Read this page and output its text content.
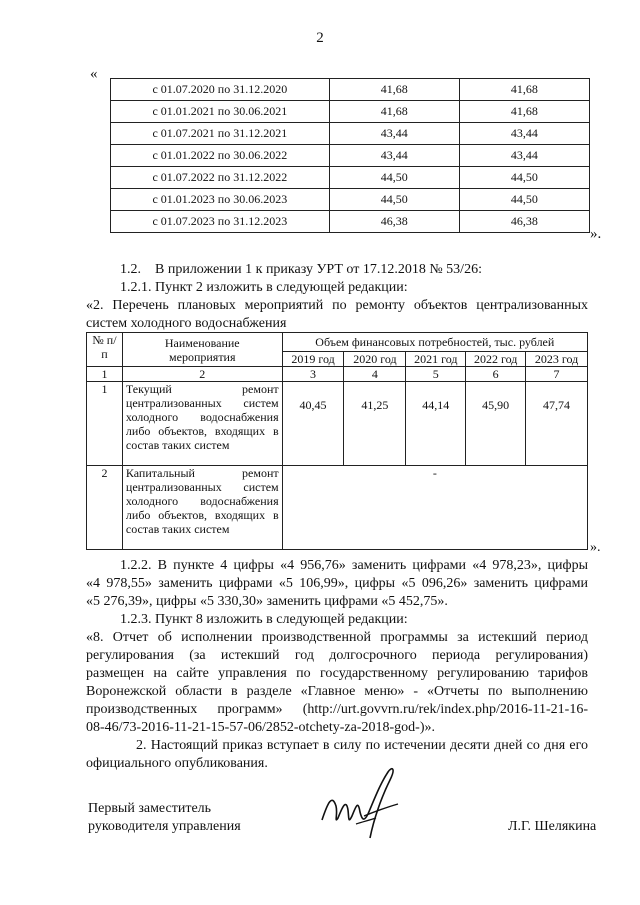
2
«
с 01.07.2020 по 31.12.2020	41,68	41,68
с 01.01.2021 по 30.06.2021	41,68	41,68
с 01.07.2021 по 31.12.2021	43,44	43,44
с 01.01.2022 по 30.06.2022	43,44	43,44
с 01.07.2022 по 31.12.2022	44,50	44,50
с 01.01.2023 по 30.06.2023	44,50	44,50
с 01.07.2023 по 31.12.2023	46,38	46,38
».
1.2.    В приложении 1 к приказу УРТ от 17.12.2018 № 53/26:
1.2.1. Пункт 2 изложить в следующей редакции:
«2. Перечень плановых мероприятий по ремонту объектов централизованных
систем холодного водоснабжения
№ п/п	Наименование мероприятия	Объем финансовых потребностей, тыс. рублей				
		2019 год	2020 год	2021 год	2022 год	2023 год
1	2	3	4	5	6	7
1	Текущий ремонт централизованных систем холодного водоснабжения либо объектов, входящих в состав таких систем	40,45	41,25	44,14	45,90	47,74
2	Капитальный ремонт централизованных систем холодного водоснабжения либо объектов, входящих в состав таких систем	-				
».
1.2.2. В пункте 4 цифры «4 956,76» заменить цифрами «4 978,23», цифры
«4 978,55» заменить цифрами «5 106,99», цифры «5 096,26» заменить цифрами
«5 276,39», цифры «5 330,30» заменить цифрами «5 452,75».
1.2.3. Пункт 8 изложить в следующей редакции:
«8. Отчет об исполнении производственной программы за истекший период
регулирования (за истекший год долгосрочного периода регулирования)
размещен на сайте управления по государственному регулированию тарифов
Воронежской области в разделе «Главное меню» - «Отчеты по выполнению
производственных программ» (http://urt.govvrn.ru/rek/index.php/2016-11-21-16-
08-46/73-2016-11-21-15-57-06/2852-otchety-za-2018-god-)».
2. Настоящий приказ вступает в силу по истечении десяти дней со дня его
официального опубликования.
Первый заместитель
руководителя управления	Л.Г. Шелякина
